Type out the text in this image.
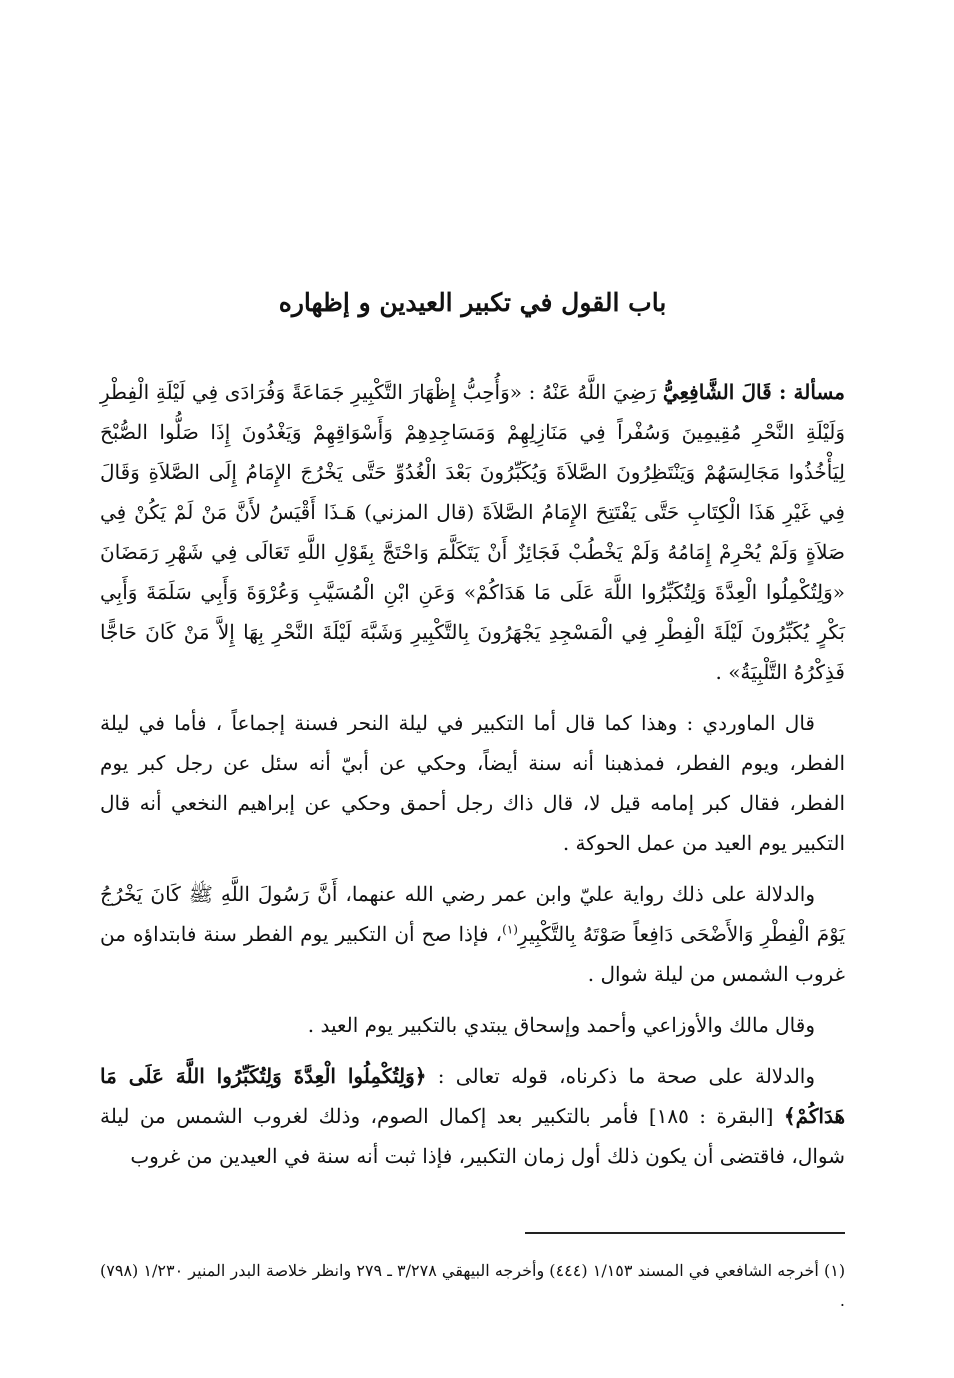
باب القول في تكبير العيدين و إظهاره

مسألة : قَالَ الشَّافِعِيُّ رَضِيَ اللَّهُ عَنْهُ : «وَأُحِبُّ إِظْهَارَ التَّكْبِيرِ جَمَاعَةً وَفُرَادَى فِي لَيْلَةِ الْفِطْرِ وَلَيْلَةِ النَّحْرِ مُقِيمِينَ وَسُفْراً فِي مَنَازِلِهِمْ وَمَسَاجِدِهِمْ وَأَسْوَاقِهِمْ وَيَغْدُونَ إِذَا صَلُّوا الصُّبْحَ لِيَأْخُذُوا مَجَالِسَهُمْ وَيَنْتَظِرُونَ الصَّلاَةَ وَيُكَبِّرُونَ بَعْدَ الْغُدُوِّ حَتَّى يَخْرُجَ الإِمَامُ إِلَى الصَّلاَةِ وَقَالَ فِي غَيْرِ هَذَا الْكِتَابِ حَتَّى يَفْتَتِحَ الإِمَامُ الصَّلاَةَ (قال المزني) هَـذَا أَقْيَسُ لأَنَّ مَنْ لَمْ يَكُنْ فِي صَلاَةٍ وَلَمْ يُحْرِمْ إِمَامُهُ وَلَمْ يَخْطُبْ فَجَائِزٌ أَنْ يَتَكَلَّمَ وَاحْتَجَّ بِقَوْلِ اللَّهِ تَعَالَى فِي شَهْرِ رَمَضَانَ «وَلِتُكْمِلُوا الْعِدَّةَ وَلِتُكَبِّرُوا اللَّهَ عَلَى مَا هَدَاكُمْ» وَعَنِ ابْنِ الْمُسَيَّبِ وَعُرْوَةَ وَأَبِي سَلَمَةَ وَأَبِي بَكْرٍ يُكَبِّرُونَ لَيْلَةَ الْفِطْرِ فِي الْمَسْجِدِ يَجْهَرُونَ بِالتَّكْبِيرِ وَشَبَّهَ لَيْلَةَ النَّحْرِ بِهَا إِلاَّ مَنْ كَانَ حَاجًّا فَذِكْرُهُ التَّلْبِيَةُ» .

قال الماوردي : وهذا كما قال أما التكبير في ليلة النحر فسنة إجماعاً ، فأما في ليلة الفطر، ويوم الفطر، فمذهبنا أنه سنة أيضاً، وحكي عن أبيّ أنه سئل عن رجل كبر يوم الفطر، فقال كبر إمامه قيل لا، قال ذاك رجل أحمق وحكي عن إبراهيم النخعي أنه قال التكبير يوم العيد من عمل الحوكة .

والدلالة على ذلك رواية عليّ وابن عمر رضي الله عنهما، أَنَّ رَسُولَ اللَّهِ ﷺ كَانَ يَخْرُجُ يَوْمَ الْفِطْرِ وَالأَضْحَى دَافِعاً صَوْتَهُ بِالتَّكْبِيرِ$^{(١)}$، فإذا صح أن التكبير يوم الفطر سنة فابتداؤه من غروب الشمس من ليلة شوال .

وقال مالك والأوزاعي وأحمد وإسحاق يبتدي بالتكبير يوم العيد .

والدلالة على صحة ما ذكرناه، قوله تعالى : ﴿وَلِتُكْمِلُوا الْعِدَّةَ وَلِتُكَبِّرُوا اللَّهَ عَلَى مَا هَدَاكُمْ﴾ [البقرة : ١٨٥] فأمر بالتكبير بعد إكمال الصوم، وذلك لغروب الشمس من ليلة شوال، فاقتضى أن يكون ذلك أول زمان التكبير، فإذا ثبت أنه سنة في العيدين من غروب

(١) أخرجه الشافعي في المسند ١/١٥٣ (٤٤٤) وأخرجه البيهقي ٣/٢٧٨ ـ ٢٧٩ وانظر خلاصة البدر المنير ١/٢٣٠ (٧٩٨) .
